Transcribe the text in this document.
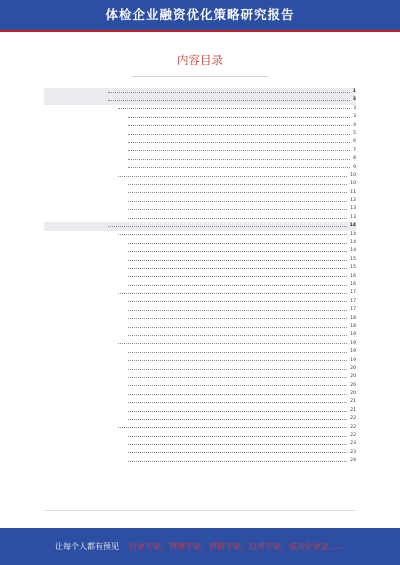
体检企业融资优化策略研究报告
内容目录
1
3
3
3
4
5
6
7
8
9
10
10
11
12
13
13
14
14
14
14
15
15
16
16
17
17
17
18
18
19
19
19
19
20
20
20
20
21
21
22
22
22
23
23
24
让每个人都有预见 行业专家，管理专家，营销专家，趋势专家，成功企业家……
